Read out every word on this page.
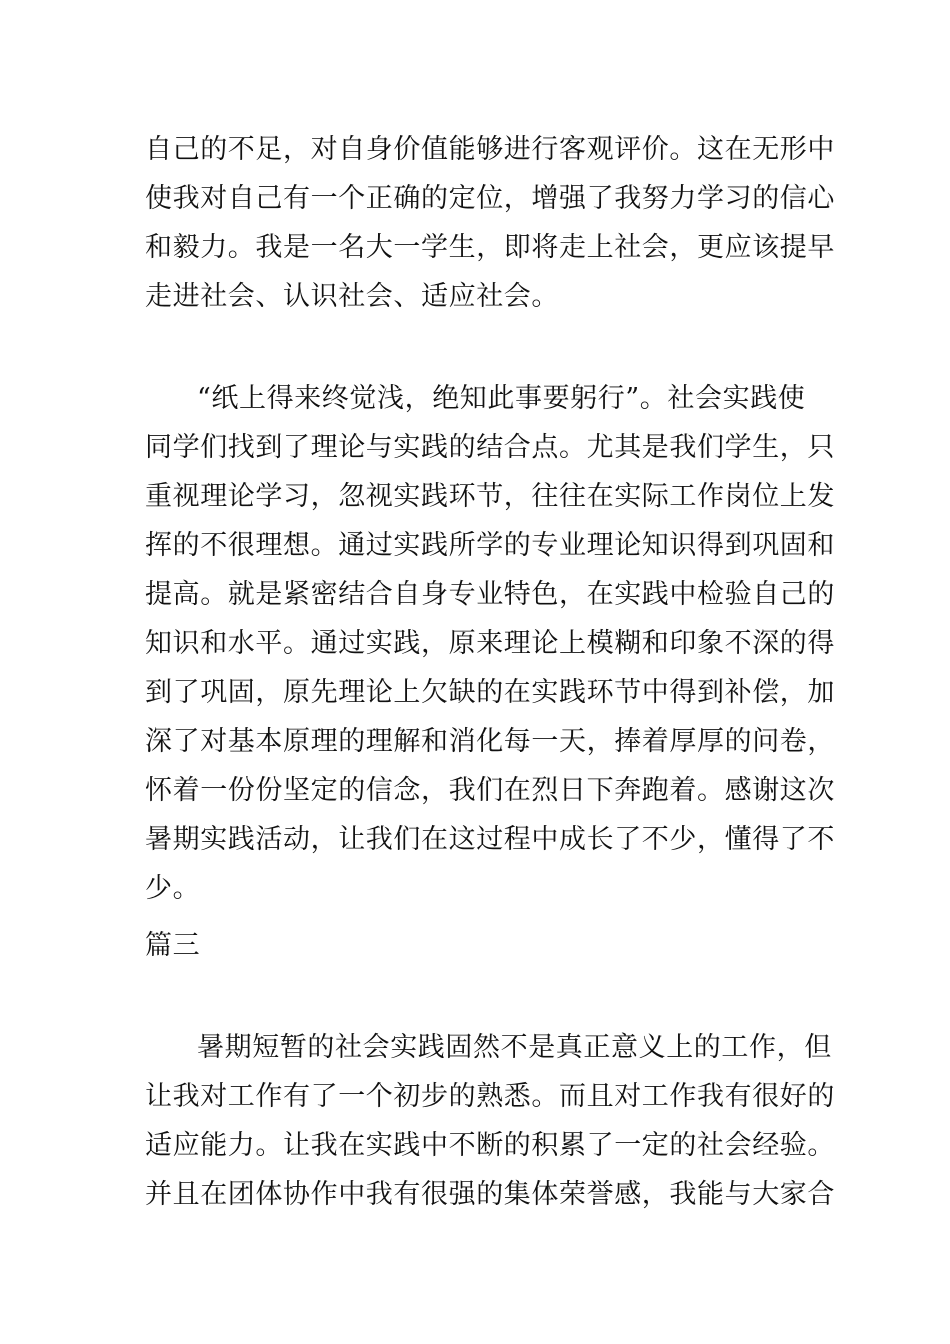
自己的不足，对自身价值能够进行客观评价。这在无形中
使我对自己有一个正确的定位，增强了我努力学习的信心
和毅力。我是一名大一学生，即将走上社会，更应该提早
走进社会、认识社会、适应社会。
“纸上得来终觉浅，绝知此事要躬行”。社会实践使
同学们找到了理论与实践的结合点。尤其是我们学生，只
重视理论学习，忽视实践环节，往往在实际工作岗位上发
挥的不很理想。通过实践所学的专业理论知识得到巩固和
提高。就是紧密结合自身专业特色，在实践中检验自己的
知识和水平。通过实践，原来理论上模糊和印象不深的得
到了巩固，原先理论上欠缺的在实践环节中得到补偿，加
深了对基本原理的理解和消化每一天，捧着厚厚的问卷，
怀着一份份坚定的信念，我们在烈日下奔跑着。感谢这次
暑期实践活动，让我们在这过程中成长了不少，懂得了不
少。
篇三
暑期短暂的社会实践固然不是真正意义上的工作，但
让我对工作有了一个初步的熟悉。而且对工作我有很好的
适应能力。让我在实践中不断的积累了一定的社会经验。
并且在团体协作中我有很强的集体荣誉感，我能与大家合
